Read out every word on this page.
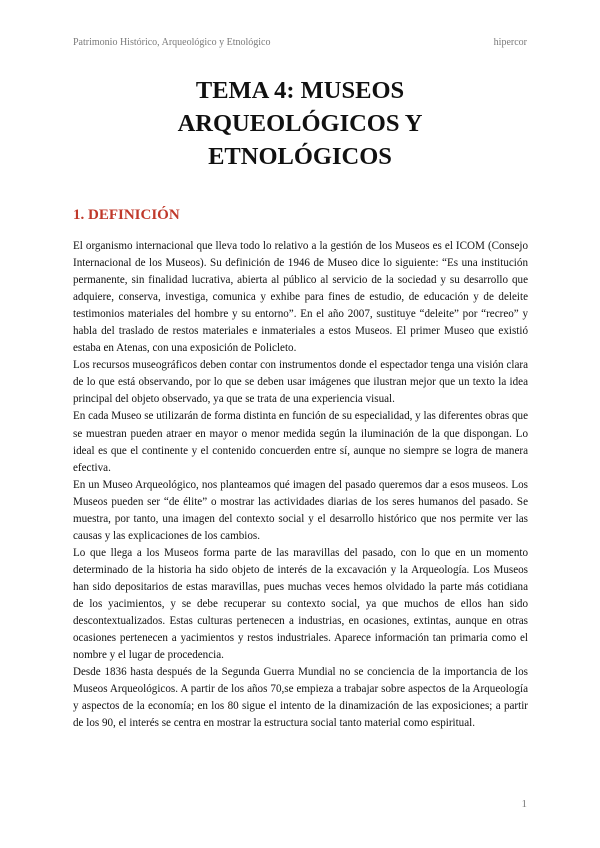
Patrimonio Histórico, Arqueológico y Etnológico	hipercor
TEMA 4: MUSEOS
ARQUEOLÓGICOS Y
ETNOLÓGICOS
1. DEFINICIÓN

El organismo internacional que lleva todo lo relativo a la gestión de los Museos es el ICOM (Consejo Internacional de los Museos). Su definición de 1946 de Museo dice lo siguiente: “Es una institución permanente, sin finalidad lucrativa, abierta al público al servicio de la sociedad y su desarrollo que adquiere, conserva, investiga, comunica y exhibe para fines de estudio, de educación y de deleite testimonios materiales del hombre y su entorno”. En el año 2007, sustituye “deleite” por “recreo” y habla del traslado de restos materiales e inmateriales a estos Museos. El primer Museo que existió estaba en Atenas, con una exposición de Policleto.

Los recursos museográficos deben contar con instrumentos donde el espectador tenga una visión clara de lo que está observando, por lo que se deben usar imágenes que ilustran mejor que un texto la idea principal del objeto observado, ya que se trata de una experiencia visual.

En cada Museo se utilizarán de forma distinta en función de su especialidad, y las diferentes obras que se muestran pueden atraer en mayor o menor medida según la iluminación de la que dispongan. Lo ideal es que el continente y el contenido concuerden entre sí, aunque no siempre se logra de manera efectiva.

En un Museo Arqueológico, nos planteamos qué imagen del pasado queremos dar a esos museos. Los Museos pueden ser “de élite” o mostrar las actividades diarias de los seres humanos del pasado. Se muestra, por tanto, una imagen del contexto social y el desarrollo histórico que nos permite ver las causas y las explicaciones de los cambios.

Lo que llega a los Museos forma parte de las maravillas del pasado, con lo que en un momento determinado de la historia ha sido objeto de interés de la excavación y la Arqueología. Los Museos han sido depositarios de estas maravillas, pues muchas veces hemos olvidado la parte más cotidiana de los yacimientos, y se debe recuperar su contexto social, ya que muchos de ellos han sido descontextualizados. Estas culturas pertenecen a industrias, en ocasiones, extintas, aunque en otras ocasiones pertenecen a yacimientos y restos industriales. Aparece información tan primaria como el nombre y el lugar de procedencia.

Desde 1836 hasta después de la Segunda Guerra Mundial no se conciencia de la importancia de los Museos Arqueológicos. A partir de los años 70,se empieza a trabajar sobre aspectos de la Arqueología y aspectos de la economía; en los 80 sigue el intento de la dinamización de las exposiciones; a partir de los 90, el interés se centra en mostrar la estructura social tanto material como espiritual.

1
